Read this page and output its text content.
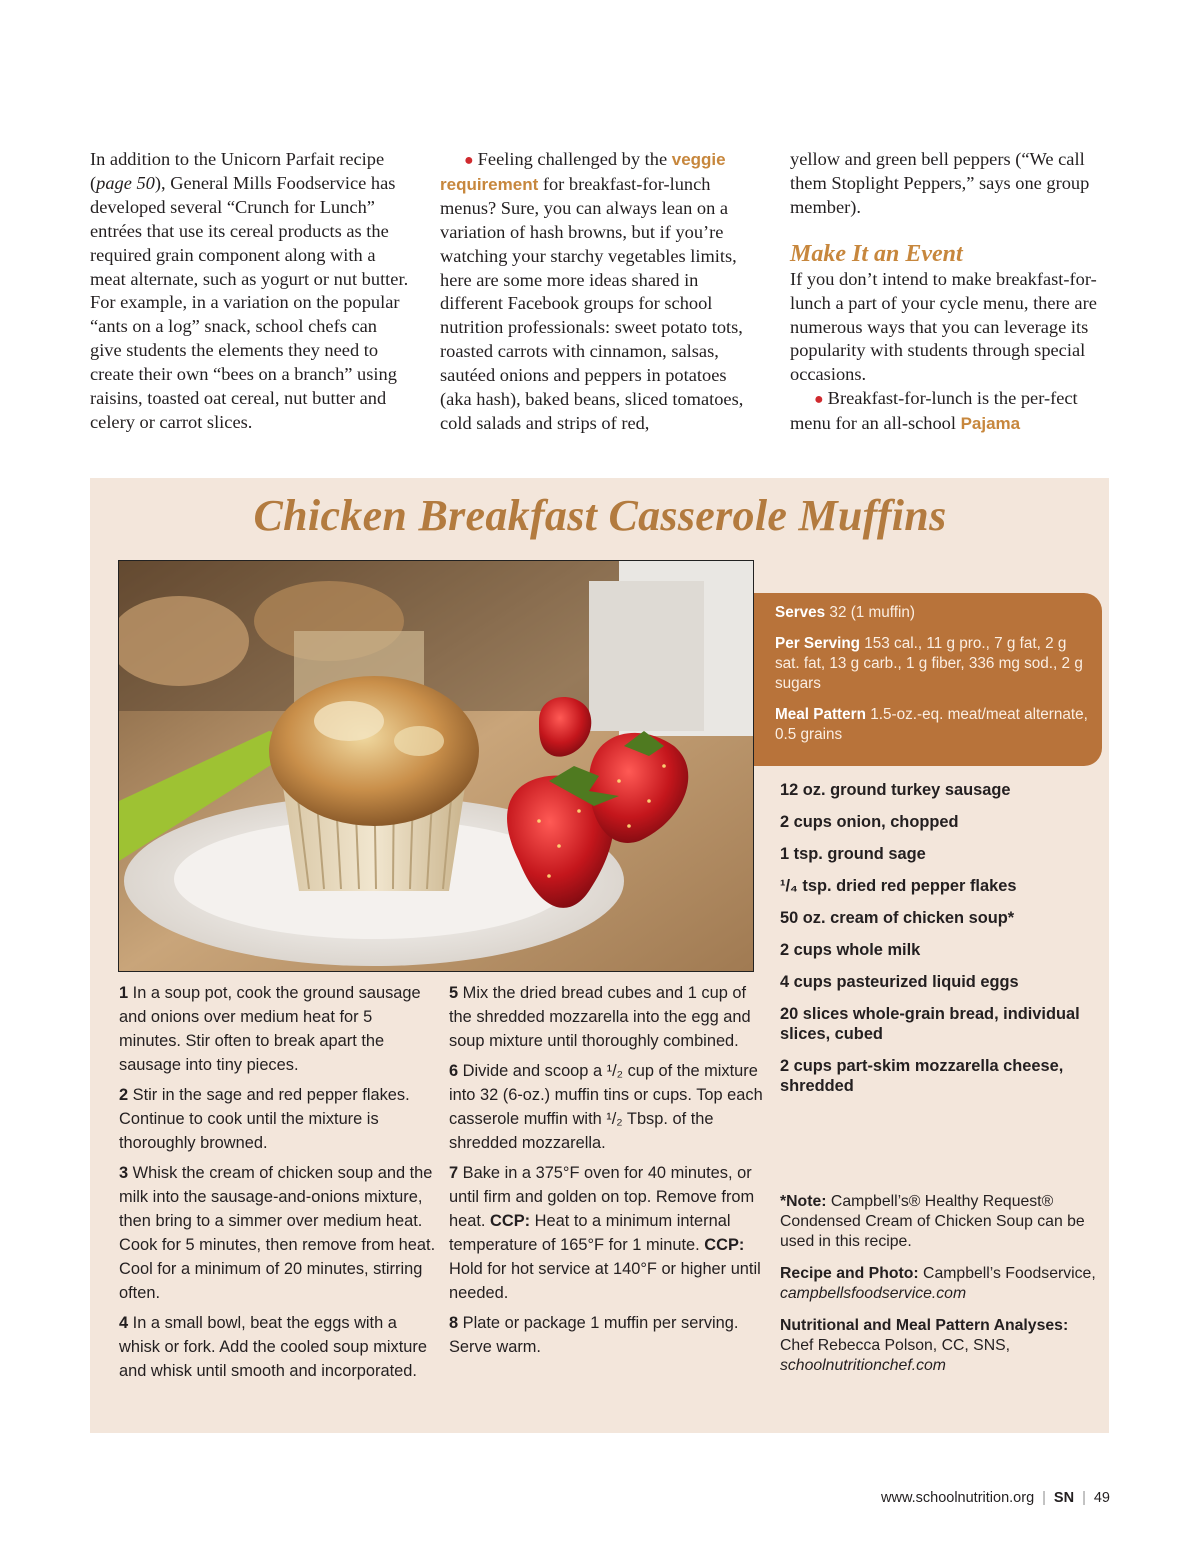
In addition to the Unicorn Parfait recipe (page 50), General Mills Foodservice has developed several “Crunch for Lunch” entrées that use its cereal products as the required grain component along with a meat alternate, such as yogurt or nut butter. For example, in a variation on the popular “ants on a log” snack, school chefs can give students the elements they need to create their own “bees on a branch” using raisins, toasted oat cereal, nut butter and celery or carrot slices.

● Feeling challenged by the veggie requirement for breakfast-for-lunch menus? Sure, you can always lean on a variation of hash browns, but if you’re watching your starchy vegetables limits, here are some more ideas shared in different Facebook groups for school nutrition professionals: sweet potato tots, roasted carrots with cinnamon, salsas, sautéed onions and peppers in potatoes (aka hash), baked beans, sliced tomatoes, cold salads and strips of red,

yellow and green bell peppers (“We call them Stoplight Peppers,” says one group member).

Make It an Event

If you don’t intend to make breakfast-for-lunch a part of your cycle menu, there are numerous ways that you can leverage its popularity with students through special occasions.

● Breakfast-for-lunch is the per-fect menu for an all-school Pajama

Chicken Breakfast Casserole Muffins

Serves 32 (1 muffin)

Per Serving 153 cal., 11 g pro., 7 g fat, 2 g sat. fat, 13 g carb., 1 g fiber, 336 mg sod., 2 g sugars

Meal Pattern 1.5-oz.-eq. meat/meat alternate, 0.5 grains

12 oz. ground turkey sausage
2 cups onion, chopped
1 tsp. ground sage
¹/₄ tsp. dried red pepper flakes
50 oz. cream of chicken soup*
2 cups whole milk
4 cups pasteurized liquid eggs
20 slices whole-grain bread, individual slices, cubed
2 cups part-skim mozzarella cheese, shredded

1 In a soup pot, cook the ground sausage and onions over medium heat for 5 minutes. Stir often to break apart the sausage into tiny pieces.

2 Stir in the sage and red pepper flakes. Continue to cook until the mixture is thoroughly browned.

3 Whisk the cream of chicken soup and the milk into the sausage-and-onions mixture, then bring to a simmer over medium heat. Cook for 5 minutes, then remove from heat. Cool for a minimum of 20 minutes, stirring often.

4 In a small bowl, beat the eggs with a whisk or fork. Add the cooled soup mixture and whisk until smooth and incorporated.

5 Mix the dried bread cubes and 1 cup of the shredded mozzarella into the egg and soup mixture until thoroughly combined.

6 Divide and scoop a ¹/₂ cup of the mixture into 32 (6-oz.) muffin tins or cups. Top each casserole muffin with ¹/₂ Tbsp. of the shredded mozzarella.

7 Bake in a 375°F oven for 40 minutes, or until firm and golden on top. Remove from heat. CCP: Heat to a minimum internal temperature of 165°F for 1 minute. CCP: Hold for hot service at 140°F or higher until needed.

8 Plate or package 1 muffin per serving. Serve warm.

*Note: Campbell’s® Healthy Request® Condensed Cream of Chicken Soup can be used in this recipe.

Recipe and Photo: Campbell’s Foodservice, campbellsfoodservice.com

Nutritional and Meal Pattern Analyses: Chef Rebecca Polson, CC, SNS, schoolnutritionchef.com

www.schoolnutrition.org | SN | 49
